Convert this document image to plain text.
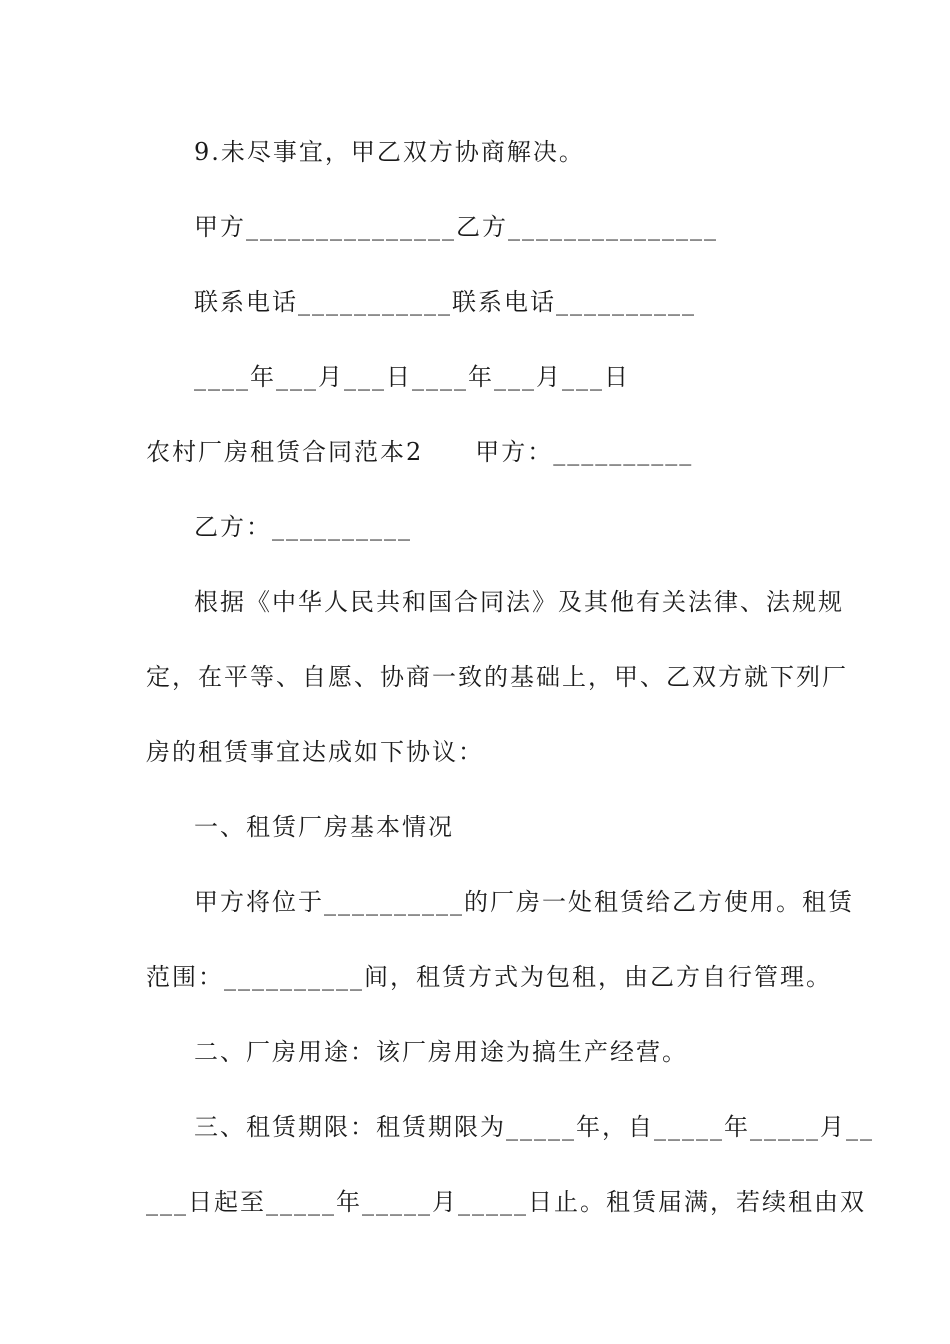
9.未尽事宜，甲乙双方协商解决。
甲方_______________乙方_______________
联系电话___________联系电话__________
____年___月___日____年___月___日
农村厂房租赁合同范本2　　甲方：__________
乙方：__________
根据《中华人民共和国合同法》及其他有关法律、法规规
定，在平等、自愿、协商一致的基础上，甲、乙双方就下列厂
房的租赁事宜达成如下协议：
一、租赁厂房基本情况
甲方将位于__________的厂房一处租赁给乙方使用。租赁
范围：__________间，租赁方式为包租，由乙方自行管理。
二、厂房用途：该厂房用途为搞生产经营。
三、租赁期限：租赁期限为_____年，自_____年_____月__
___日起至_____年_____月_____日止。租赁届满，若续租由双
